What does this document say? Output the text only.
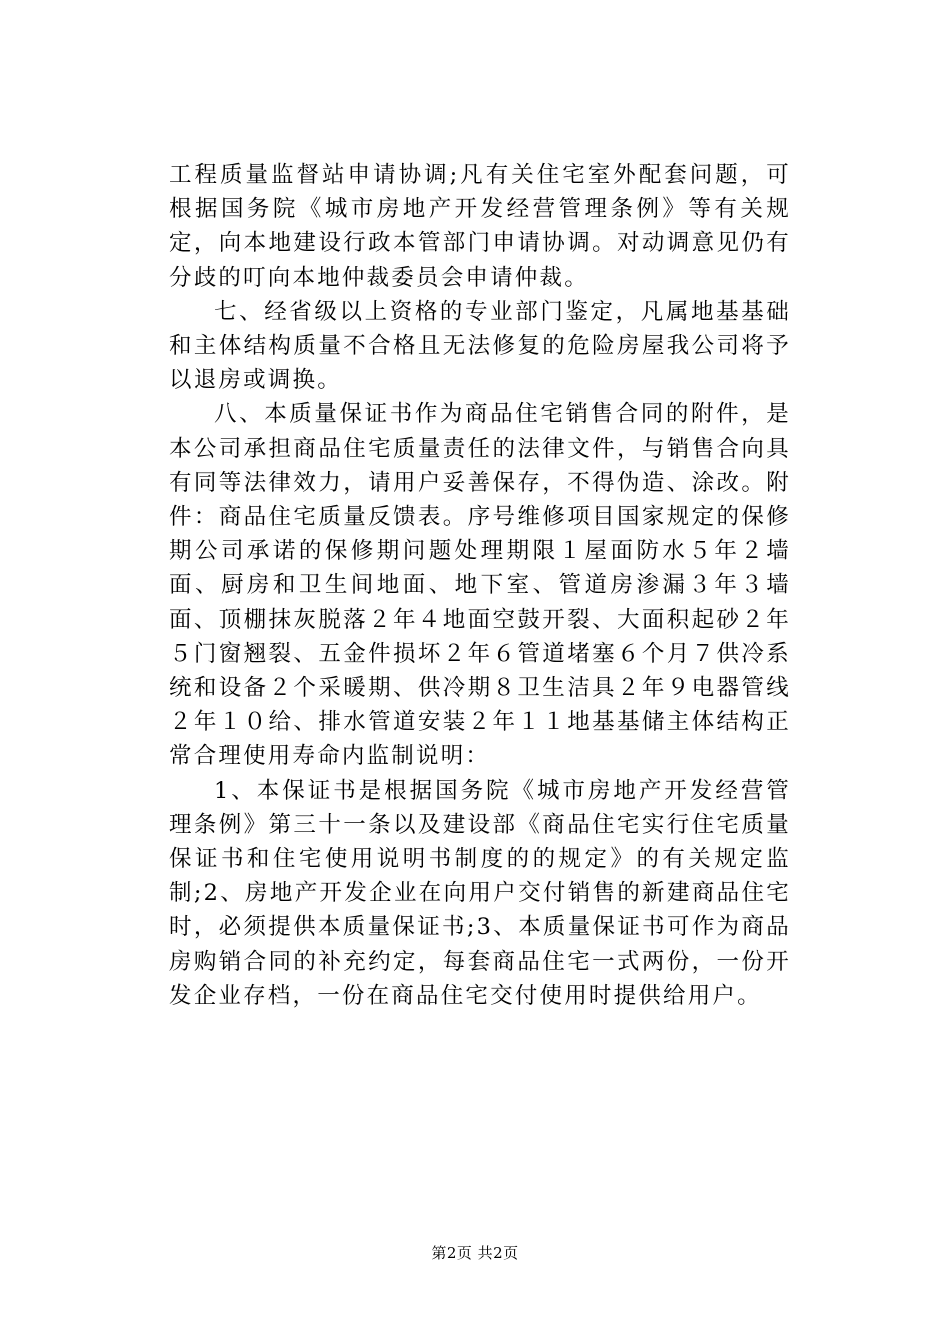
工程质量监督站申请协调;凡有关住宅室外配套问题，可根据国务院《城市房地产开发经营管理条例》等有关规定，向本地建设行政本管部门申请协调。对动调意见仍有分歧的叮向本地仲裁委员会申请仲裁。

七、经省级以上资格的专业部门鉴定，凡属地基基础和主体结构质量不合格且无法修复的危险房屋我公司将予以退房或调换。

八、本质量保证书作为商品住宅销售合同的附件，是本公司承担商品住宅质量责任的法律文件，与销售合向具有同等法律效力，请用户妥善保存，不得伪造、涂改。附件：商品住宅质量反馈表。序号维修项目国家规定的保修期公司承诺的保修期问题处理期限１屋面防水５年２墙面、厨房和卫生间地面、地下室、管道房渗漏３年３墙面、顶棚抹灰脱落２年４地面空鼓开裂、大面积起砂２年５门窗翘裂、五金件损坏２年６管道堵塞６个月７供冷系统和设备２个采暖期、供冷期８卫生洁具２年９电器管线２年１０给、排水管道安装２年１１地基基储主体结构正常合理使用寿命内监制说明：

1、本保证书是根据国务院《城市房地产开发经营管理条例》第三十一条以及建设部《商品住宅实行住宅质量保证书和住宅使用说明书制度的的规定》的有关规定监制;2、房地产开发企业在向用户交付销售的新建商品住宅时，必须提供本质量保证书;3、本质量保证书可作为商品房购销合同的补充约定，每套商品住宅一式两份，一份开发企业存档，一份在商品住宅交付使用时提供给用户。

第2页 共2页
